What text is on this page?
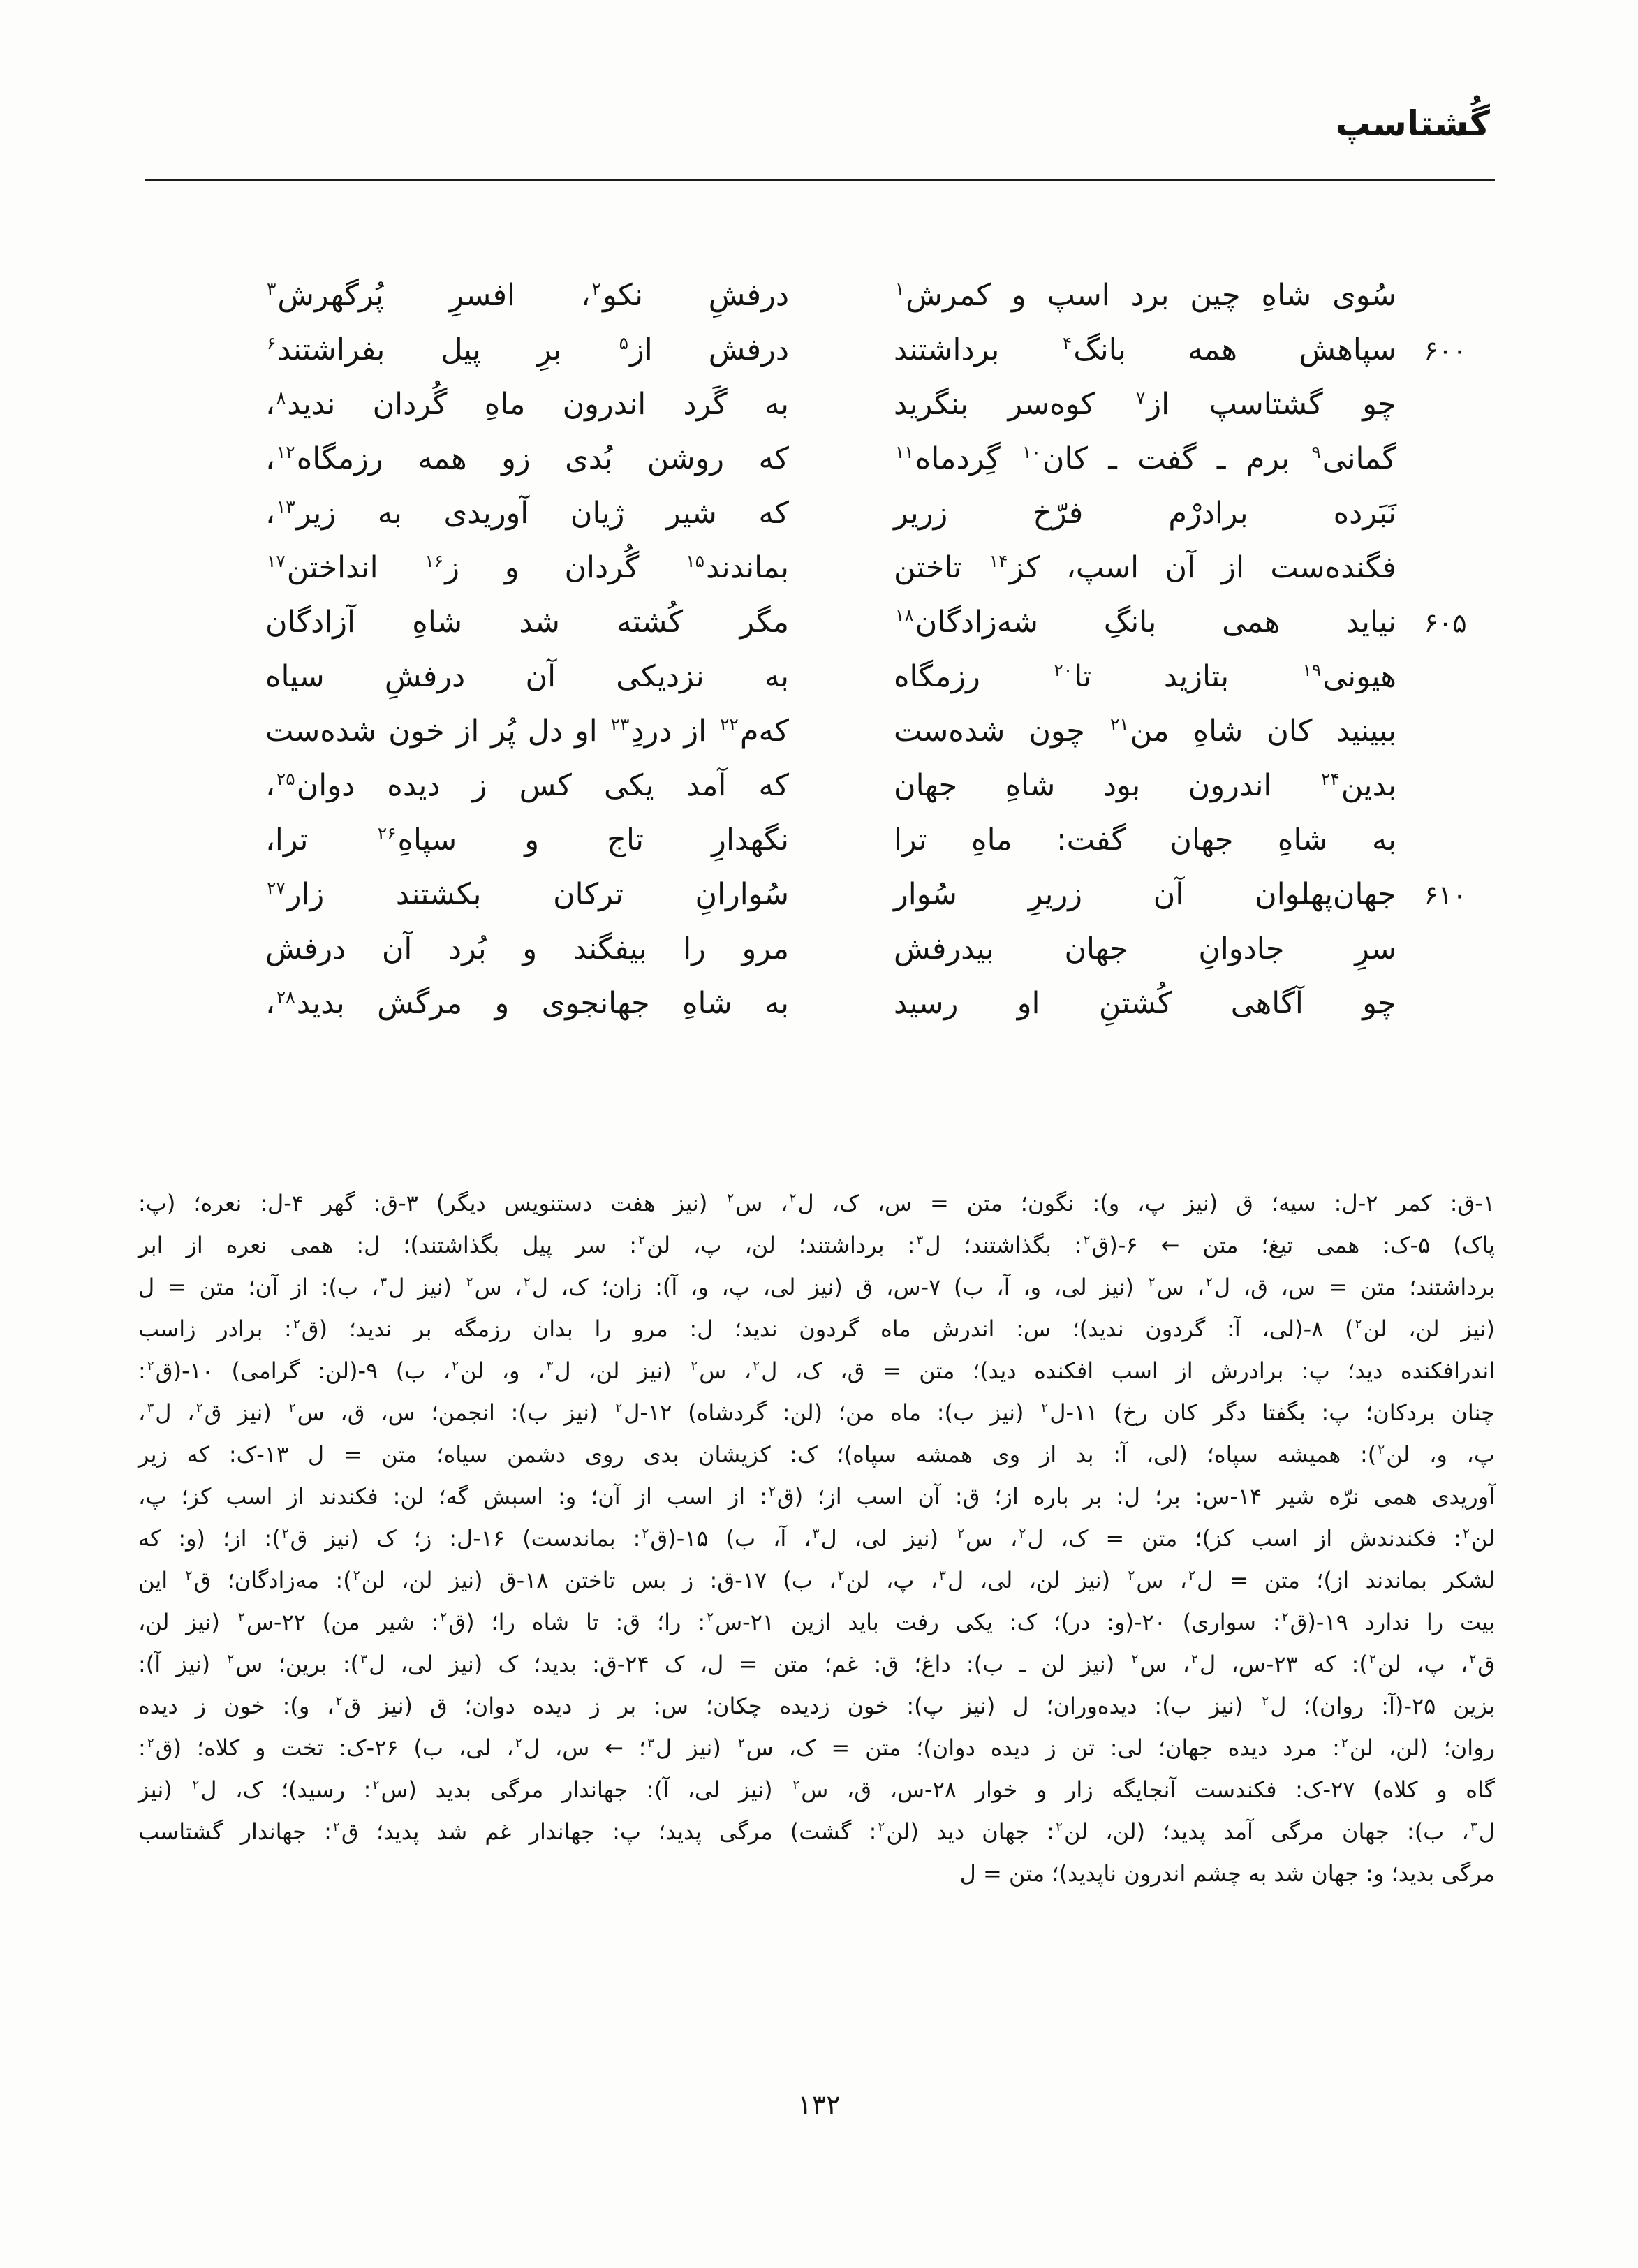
گُشتاسپ
سُوی شاهِ چین برد اسپ و کمرش$^۱$
درفشِ نکو$^۲$، افسرِ پُرگهرش$^۳$
۶۰۰
سپاهش همه بانگ$^۴$ برداشتند
درفش از$^۵$ برِ پیل بفراشتند$^۶$
چو گشتاسپ از$^۷$ کوه‌سر بنگرید
به گَرد اندرون ماهِ گُردان ندید$^۸$،
گمانی$^۹$ برم ـ گفت ـ کان$^{۱۰}$ گِردماه$^{۱۱}$
که روشن بُدی زو همه رزمگاه$^{۱۲}$،
نَبَرده برادرْم فرّخ زریر
که شیر ژیان آوریدی به زیر$^{۱۳}$،
فگنده‌ست از آن اسپ، کز$^{۱۴}$ تاختن
بماندند$^{۱۵}$ گُردان و ز$^{۱۶}$ انداختن$^{۱۷}$
۶۰۵
نیاید همی بانگِ شه‌زادگان$^{۱۸}$
مگر کُشته شد شاهِ آزادگان
هیونی$^{۱۹}$ بتازید تا$^{۲۰}$ رزمگاه
به نزدیکی آن درفشِ سیاه
ببینید کان شاهِ من$^{۲۱}$ چون شده‌ست
که‌م$^{۲۲}$ از دردِ$^{۲۳}$ او دل پُر از خون شده‌ست
بدین$^{۲۴}$ اندرون بود شاهِ جهان
که آمد یکی کس ز دیده دوان$^{۲۵}$،
به شاهِ جهان گفت: ماهِ ترا
نگهدارِ تاج و سپاهِ$^{۲۶}$ ترا،
۶۱۰
جهان‌پهلوان آن زریرِ سُوار
سُوارانِ ترکان بکشتند زار$^{۲۷}$
سرِ جادوانِ جهان بیدرفش
مرو را بیفگند و بُرد آن درفش
چو آگاهی کُشتنِ او رسید
به شاهِ جهانجوی و مرگش بدید$^{۲۸}$،
۱-ق: کمر ۲-ل: سیه؛ ق (نیز پ، و): نگون؛ متن = س، ک، ل$^۲$، س$^۲$ (نیز هفت دستنویس دیگر) ۳-ق: گهر ۴-ل: نعره؛ (پ:
پاک) ۵-ک: همی تیغ؛ متن ← ۶-(ق$^۲$: بگذاشتند؛ ل$^۳$: برداشتند؛ لن، پ، لن$^۲$: سر پیل بگذاشتند)؛ ل: همی نعره از ابر
برداشتند؛ متن = س، ق، ل$^۲$، س$^۲$ (نیز لی، و، آ، ب) ۷-س، ق (نیز لی، پ، و، آ): زان؛ ک، ل$^۲$، س$^۲$ (نیز ل$^۳$، ب): از آن؛ متن = ل
(نیز لن، لن$^۲$) ۸-(لی، آ: گردون ندید)؛ س: اندرش ماه گردون ندید؛ ل: مرو را بدان رزمگه بر ندید؛ (ق$^۲$: برادر زاسب
اندرافکنده دید؛ پ: برادرش از اسب افکنده دید)؛ متن = ق، ک، ل$^۲$، س$^۲$ (نیز لن، ل$^۳$، و، لن$^۲$، ب) ۹-(لن: گرامی) ۱۰-(ق$^۲$:
چنان بردکان؛ پ: بگفتا دگر کان رخ) ۱۱-ل$^۲$ (نیز ب): ماه من؛ (لن: گردشاه) ۱۲-ل$^۲$ (نیز ب): انجمن؛ س، ق، س$^۲$ (نیز ق$^۲$، ل$^۳$،
پ، و، لن$^۲$): همیشه سپاه؛ (لی، آ: بد از وی همشه سپاه)؛ ک: کزیشان بدی روی دشمن سیاه؛ متن = ل ۱۳-ک: که زیر
آوریدی همی نرّه شیر ۱۴-س: بر؛ ل: بر باره از؛ ق: آن اسب از؛ (ق$^۲$: از اسب از آن؛ و: اسبش گه؛ لن: فکندند از اسب کز؛ پ،
لن$^۲$: فکندندش از اسب کز)؛ متن = ک، ل$^۲$، س$^۲$ (نیز لی، ل$^۳$، آ، ب) ۱۵-(ق$^۲$: بماندست) ۱۶-ل: ز؛ ک (نیز ق$^۲$): از؛ (و: که
لشکر بماندند از)؛ متن = ل$^۲$، س$^۲$ (نیز لن، لی، ل$^۳$، پ، لن$^۲$، ب) ۱۷-ق: ز بس تاختن ۱۸-ق (نیز لن، لن$^۲$): مه‌زادگان؛ ق$^۲$ این
بیت را ندارد ۱۹-(ق$^۲$: سواری) ۲۰-(و: در)؛ ک: یکی رفت باید ازین ۲۱-س$^۲$: را؛ ق: تا شاه را؛ (ق$^۲$: شیر من) ۲۲-س$^۲$ (نیز لن،
ق$^۲$، پ، لن$^۲$): که ۲۳-س، ل$^۲$، س$^۲$ (نیز لن ـ ب): داغ؛ ق: غم؛ متن = ل، ک ۲۴-ق: بدید؛ ک (نیز لی، ل$^۳$): برین؛ س$^۲$ (نیز آ):
بزین ۲۵-(آ: روان)؛ ل$^۲$ (نیز ب): دیده‌وران؛ ل (نیز پ): خون زدیده چکان؛ س: بر ز دیده دوان؛ ق (نیز ق$^۲$، و): خون ز دیده
روان؛ (لن، لن$^۲$: مرد دیده جهان؛ لی: تن ز دیده دوان)؛ متن = ک، س$^۲$ (نیز ل$^۳$؛ ← س، ل$^۲$، لی، ب) ۲۶-ک: تخت و کلاه؛ (ق$^۲$:
گاه و کلاه) ۲۷-ک: فکندست آنجایگه زار و خوار ۲۸-س، ق، س$^۲$ (نیز لی، آ): جهاندار مرگی بدید (س$^۲$: رسید)؛ ک، ل$^۲$ (نیز
ل$^۳$، ب): جهان مرگی آمد پدید؛ (لن، لن$^۲$: جهان دید (لن$^۲$: گشت) مرگی پدید؛ پ: جهاندار غم شد پدید؛ ق$^۲$: جهاندار گشتاسب
مرگی بدید؛ و: جهان شد به چشم اندرون ناپدید)؛ متن = ل
۱۳۲
